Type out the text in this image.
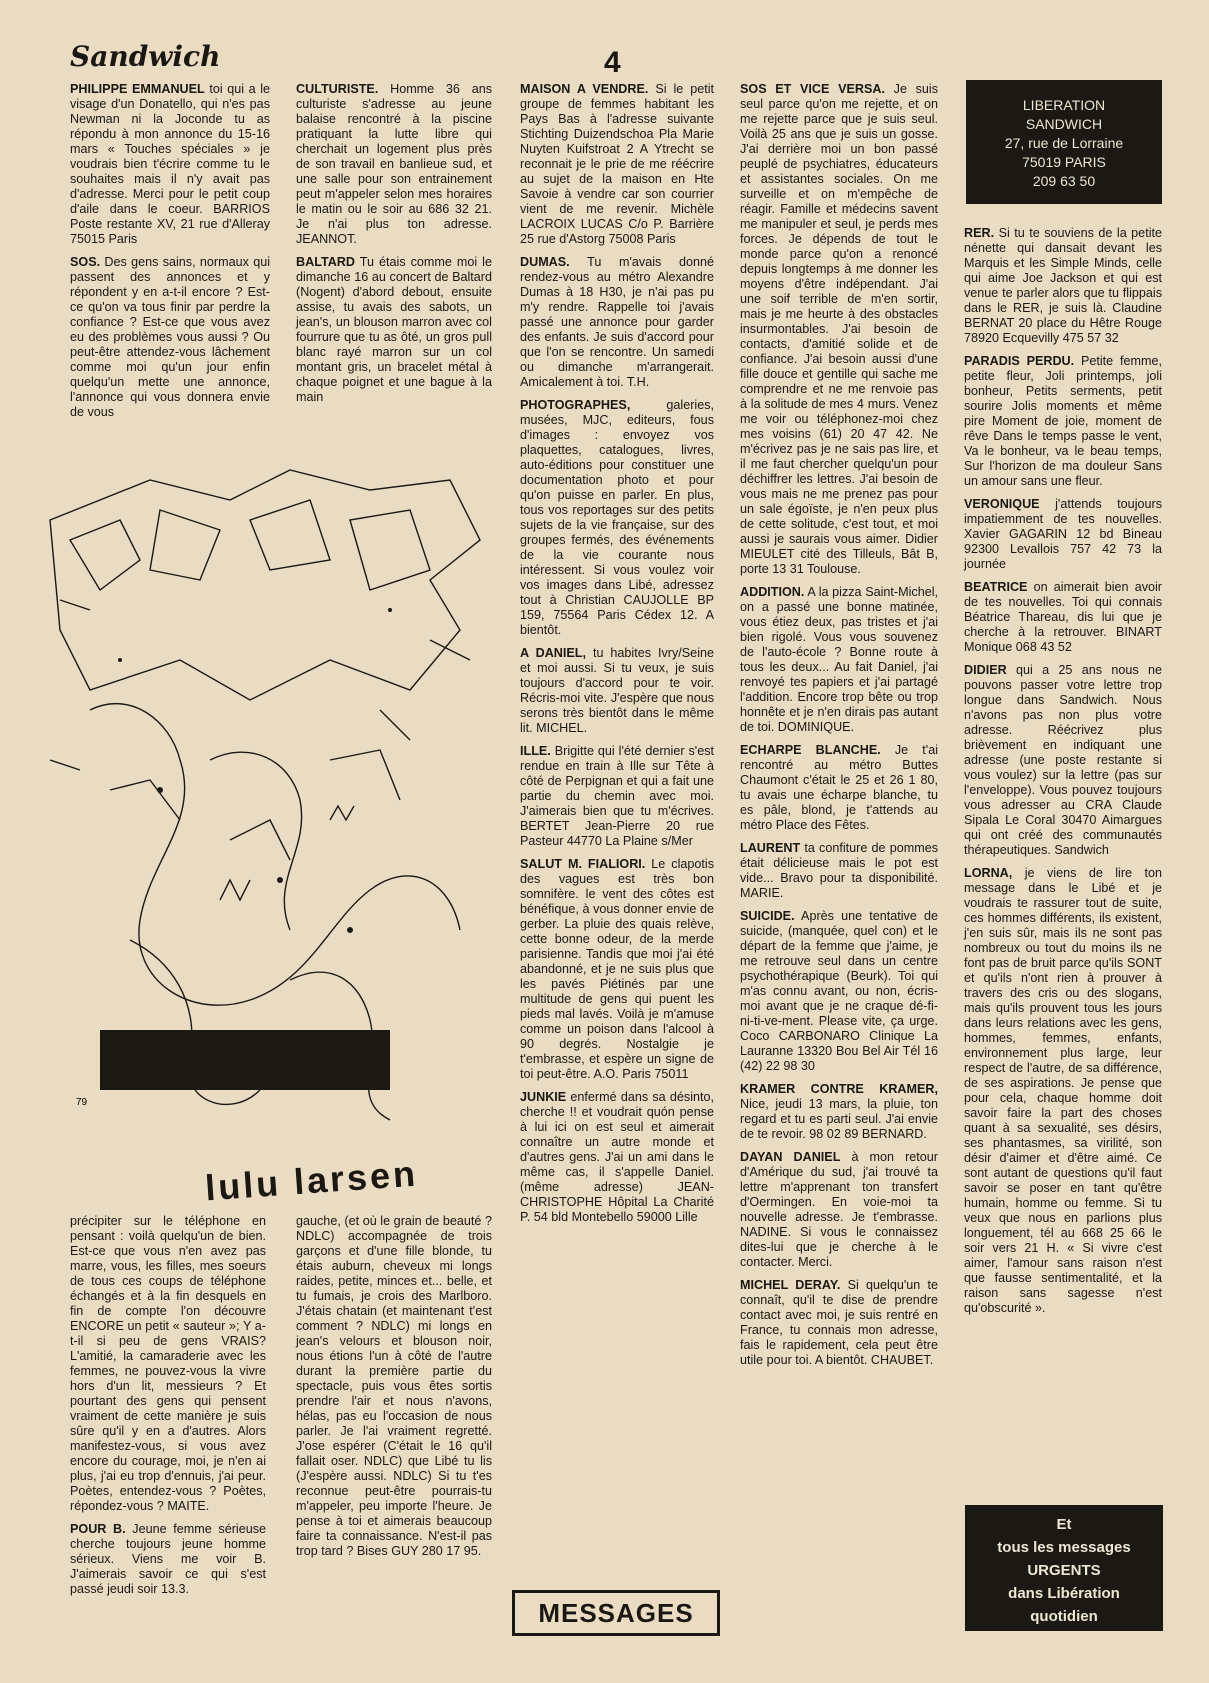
Sandwich	4

PHILIPPE EMMANUEL toi qui a le visage d'un Donatello, qui n'es pas Newman ni la Joconde tu as répondu à mon annonce du 15-16 mars « Touches spéciales » je voudrais bien t'écrire comme tu le souhaites mais il n'y avait pas d'adresse. Merci pour le petit coup d'aile dans le coeur. BARRIOS Poste restante XV, 21 rue d'Alleray 75015 Paris

SOS. Des gens sains, normaux qui passent des annonces et y répondent y en a-t-il encore ? Est-ce qu'on va tous finir par perdre la confiance ? Est-ce que vous avez eu des problèmes vous aussi ? Ou peut-être attendez-vous lâchement comme moi qu'un jour enfin quelqu'un mette une annonce, l'annonce qui vous donnera envie de vous

CULTURISTE. Homme 36 ans culturiste s'adresse au jeune balaise rencontré à la piscine pratiquant la lutte libre qui cherchait un logement plus près de son travail en banlieue sud, et une salle pour son entrainement peut m'appeler selon mes horaires le matin ou le soir au 686 32 21. Je n'ai plus ton adresse. JEANNOT.

BALTARD Tu étais comme moi le dimanche 16 au concert de Baltard (Nogent) d'abord debout, ensuite assise, tu avais des sabots, un jean's, un blouson marron avec col fourrure que tu as ôté, un gros pull blanc rayé marron sur un col montant gris, un bracelet métal à chaque poignet et une bague à la main

MAISON A VENDRE. Si le petit groupe de femmes habitant les Pays Bas à l'adresse suivante Stichting Duizendschoa Pla Marie Nuyten Kuifstroat 2 A Ytrecht se reconnait je le prie de me réécrire au sujet de la maison en Hte Savoie à vendre car son courrier vient de me revenir. Michèle LACROIX LUCAS C/o P. Barrière 25 rue d'Astorg 75008 Paris

DUMAS. Tu m'avais donné rendez-vous au métro Alexandre Dumas à 18 H30, je n'ai pas pu m'y rendre. Rappelle toi j'avais passé une annonce pour garder des enfants. Je suis d'accord pour que l'on se rencontre. Un samedi ou dimanche m'arrangerait. Amicalement à toi. T.H.

PHOTOGRAPHES,	galeries, musées, MJC, editeurs, fous d'images : envoyez vos plaquettes, catalogues, livres, auto-éditions pour constituer une documentation photo et pour qu'on puisse en parler. En plus, tous vos reportages sur des petits sujets de la vie française, sur des groupes fermés, des événements de la vie courante nous intéressent. Si vous voulez voir vos images dans Libé, adressez tout à Christian CAUJOLLE BP 159, 75564 Paris Cédex 12. A bientôt.

A DANIEL, tu habites Ivry/Seine et moi aussi. Si tu veux, je suis toujours d'accord pour te voir. Récris-moi vite. J'espère que nous serons très bientôt dans le même lit. MICHEL.

ILLE. Brigitte qui l'été dernier s'est rendue en train à Ille sur Tête à côté de Perpignan et qui a fait une partie du chemin avec moi. J'aimerais bien que tu m'écrives. BERTET Jean-Pierre 20 rue Pasteur 44770 La Plaine s/Mer

SALUT M. FIALIORI. Le clapotis des vagues est très bon somnifère. le vent des côtes est bénéfique, à vous donner envie de gerber. La pluie des quais relève, cette bonne odeur, de la merde parisienne. Tandis que moi j'ai été abandonné, et je ne suis plus que les pavés Piétinés par une multitude de gens qui puent les pieds mal lavés. Voilà je m'amuse comme un poison dans l'alcool à 90 degrés. Nostalgie je t'embrasse, et espère un signe de toi peut-être. A.O. Paris 75011

JUNKIE enfermé dans sa désinto, cherche !! et voudrait quón pense à lui ici on est seul et aimerait connaître un autre monde et d'autres gens. J'ai un ami dans le même cas, il s'appelle Daniel. (même adresse) JEAN-CHRISTOPHE Hôpital La Charité P. 54 bld Montebello 59000 Lille

SOS ET VICE VERSA. Je suis seul parce qu'on me rejette, et on me rejette parce que je suis seul. Voilà 25 ans que je suis un gosse. J'ai derrière moi un bon passé peuplé de psychiatres, éducateurs et assistantes sociales. On me surveille et on m'empêche de réagir. Famille et médecins savent me manipuler et seul, je perds mes forces. Je dépends de tout le monde parce qu'on a renoncé depuis longtemps à me donner les moyens d'être indépendant. J'ai une soif terrible de m'en sortir, mais je me heurte à des obstacles insurmontables. J'ai besoin de contacts, d'amitié solide et de confiance. J'ai besoin aussi d'une fille douce et gentille qui sache me comprendre et ne me renvoie pas à la solitude de mes 4 murs. Venez me voir ou téléphonez-moi chez mes voisins (61) 20 47 42. Ne m'écrivez pas je ne sais pas lire, et il me faut chercher quelqu'un pour déchiffrer les lettres. J'ai besoin de vous mais ne me prenez pas pour un sale égoïste, je n'en peux plus de cette solitude, c'est tout, et moi aussi je saurais vous aimer. Didier MIEULET cité des Tilleuls, Bât B, porte 13 31 Toulouse.

ADDITION. A la pizza Saint-Michel, on a passé une bonne matinée, vous étiez deux, pas tristes et j'ai bien rigolé. Vous vous souvenez de l'auto-école ? Bonne route à tous les deux... Au fait Daniel, j'ai renvoyé tes papiers et j'ai partagé l'addition. Encore trop bête ou trop honnête et je n'en dirais pas autant de toi. DOMINIQUE.

ECHARPE BLANCHE. Je t'ai rencontré au métro Buttes Chaumont c'était le 25 et 26 1 80, tu avais une écharpe blanche, tu es pâle, blond, je t'attends au métro Place des Fêtes.

LAURENT ta confiture de pommes était délicieuse mais le pot est vide... Bravo pour ta disponibilité. MARIE.

SUICIDE. Après une tentative de suicide, (manquée, quel con) et le départ de la femme que j'aime, je me retrouve seul dans un centre psychothérapique (Beurk). Toi qui m'as connu avant, ou non, écris-moi avant que je ne craque dé-fi-ni-ti-ve-ment. Please vite, ça urge. Coco CARBONARO Clinique La Lauranne 13320 Bou Bel Air Tél 16 (42) 22 98 30

KRAMER CONTRE KRAMER, Nice, jeudi 13 mars, la pluie, ton regard et tu es parti seul. J'ai envie de te revoir. 98 02 89 BERNARD.

DAYAN DANIEL à mon retour d'Amérique du sud, j'ai trouvé ta lettre m'apprenant ton transfert d'Oermingen. En voie-moi ta nouvelle adresse. Je t'embrasse. NADINE. Si vous le connaissez dites-lui que je cherche à le contacter. Merci.

MICHEL DERAY. Si quelqu'un te connaît, qu'il te dise de prendre contact avec moi, je suis rentré en France, tu connais mon adresse, fais le rapidement, cela peut être utile pour toi. A bientôt. CHAUBET.

RER. Si tu te souviens de la petite nénette qui dansait devant les Marquis et les Simple Minds, celle qui aime Joe Jackson et qui est venue te parler alors que tu flippais dans le RER, je suis là. Claudine BERNAT 20 place du Hêtre Rouge 78920 Ecquevilly 475 57 32

PARADIS PERDU. Petite femme, petite fleur, Joli printemps, joli bonheur, Petits serments, petit sourire Jolis moments et même pire Moment de joie, moment de rêve Dans le temps passe le vent, Va le bonheur, va le beau temps, Sur l'horizon de ma douleur Sans un amour sans une fleur.

VERONIQUE j'attends toujours impatiemment de tes nouvelles. Xavier GAGARIN 12 bd Bineau 92300 Levallois 757 42 73 la journée

BEATRICE on aimerait bien avoir de tes nouvelles. Toi qui connais Béatrice Thareau, dis lui que je cherche à la retrouver. BINART Monique 068 43 52

DIDIER qui a 25 ans nous ne pouvons passer votre lettre trop longue dans Sandwich. Nous n'avons pas non plus votre adresse. Réécrivez plus brièvement en indiquant une adresse (une poste restante si vous voulez) sur la lettre (pas sur l'enveloppe). Vous pouvez toujours vous adresser au CRA Claude Sipala Le Coral 30470 Aimargues qui ont créé des communautés thérapeutiques. Sandwich

LORNA, je viens de lire ton message dans le Libé et je voudrais te rassurer tout de suite, ces hommes différents, ils existent, j'en suis sûr, mais ils ne sont pas nombreux ou tout du moins ils ne font pas de bruit parce qu'ils SONT et qu'ils n'ont rien à prouver à travers des cris ou des slogans, mais qu'ils prouvent tous les jours dans leurs relations avec les gens, hommes, femmes, enfants, environnement plus large, leur respect de l'autre, de sa différence, de ses aspirations. Je pense que pour cela, chaque homme doit savoir faire la part des choses quant à sa sexualité, ses désirs, ses phantasmes, sa virilité, son désir d'aimer et d'être aimé. Ce sont autant de questions qu'il faut savoir se poser en tant qu'être humain, homme ou femme. Si tu veux que nous en parlions plus longuement, tél au 668 25 66 le soir vers 21 H. « Si vivre c'est aimer, l'amour sans raison n'est que fausse sentimentalité, et la raison sans sagesse n'est qu'obscurité ».

précipiter sur le téléphone en pensant : voilà quelqu'un de bien. Est-ce que vous n'en avez pas marre, vous, les filles, mes soeurs de tous ces coups de téléphone échangés et à la fin desquels en fin de compte l'on découvre ENCORE un petit « sauteur »; Y a-t-il si peu de gens VRAIS? L'amitié, la camaraderie avec les femmes, ne pouvez-vous la vivre hors d'un lit, messieurs ? Et pourtant des gens qui pensent vraiment de cette manière je suis sûre qu'il y en a d'autres. Alors manifestez-vous, si vous avez encore du courage, moi, je n'en ai plus, j'ai eu trop d'ennuis, j'ai peur. Poètes, entendez-vous ? Poètes, répondez-vous ? MAITE.

POUR B. Jeune femme sérieuse cherche toujours jeune homme sérieux. Viens me voir B. J'aimerais savoir ce qui s'est passé jeudi soir 13.3.

gauche, (et où le grain de beauté ? NDLC) accompagnée de trois garçons et d'une fille blonde, tu étais auburn, cheveux mi longs raides, petite, minces et... belle, et tu fumais, je crois des Marlboro. J'étais chatain (et maintenant t'est comment ? NDLC) mi longs en jean's velours et blouson noir, nous étions l'un à côté de l'autre durant la première partie du spectacle, puis vous êtes sortis prendre l'air et nous n'avons, hélas, pas eu l'occasion de nous parler. Je l'ai vraiment regretté. J'ose espérer (C'était le 16 qu'il fallait oser. NDLC) que Libé tu lis (J'espère aussi. NDLC) Si tu t'es reconnue peut-être pourrais-tu m'appeler, peu importe l'heure. Je pense à toi et aimerais beaucoup faire ta connaissance. N'est-il pas trop tard ? Bises GUY 280 17 95.

79
lulu larsen
LIBERATION
SANDWICH
27, rue de Lorraine
75019 PARIS
209 63 50
MESSAGES
Et
tous les messages
URGENTS
dans Libération
quotidien
